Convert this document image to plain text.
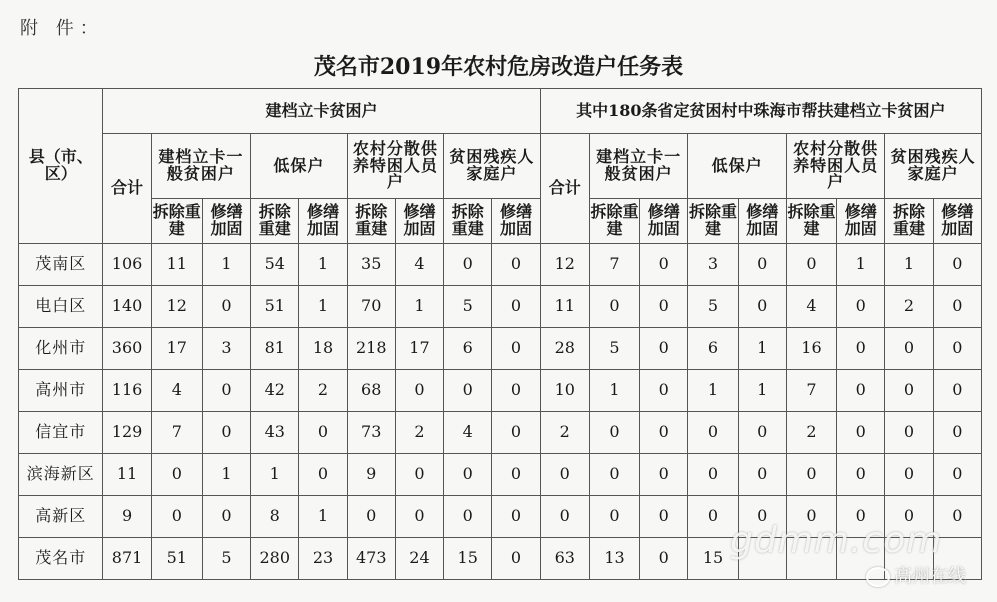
附 件：
茂名市2019年农村危房改造户任务表
县（市、区）	建档立卡贫困户									其中180条省定贫困村中珠海市帮扶建档立卡贫困户								
	合计	建档立卡一般贫困户		低保户		农村分散供养特困人员户		贫困残疾人家庭户		合计	建档立卡一般贫困户		低保户		农村分散供养特困人员户		贫困残疾人家庭户	
		拆除重建	修缮加固	拆除重建	修缮加固	拆除重建	修缮加固	拆除重建	修缮加固		拆除重建	修缮加固	拆除重建	修缮加固	拆除重建	修缮加固	拆除重建	修缮加固
茂南区	106	11	1	54	1	35	4	0	0	12	7	0	3	0	0	1	1	0
电白区	140	12	0	51	1	70	1	5	0	11	0	0	5	0	4	0	2	0
化州市	360	17	3	81	18	218	17	6	0	28	5	0	6	1	16	0	0	0
高州市	116	4	0	42	2	68	0	0	0	10	1	0	1	1	7	0	0	0
信宜市	129	7	0	43	0	73	2	4	0	2	0	0	0	0	2	0	0	0
滨海新区	11	0	1	1	0	9	0	0	0	0	0	0	0	0	0	0	0	0
高新区	9	0	0	8	1	0	0	0	0	0	0	0	0	0	0	0	0	0
茂名市	871	51	5	280	23	473	24	15	0	63	13	0	15					gdmm.com
高州在线
